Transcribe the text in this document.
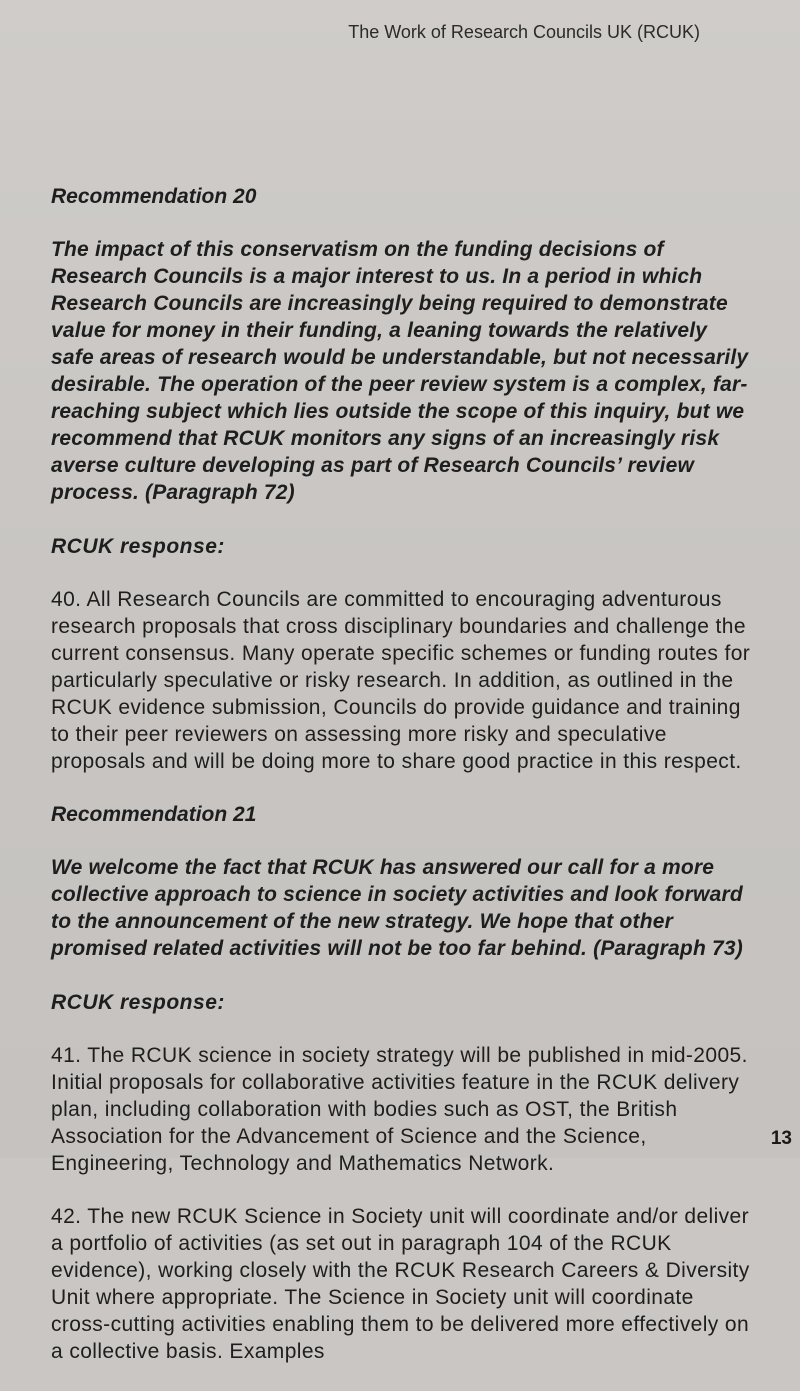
The Work of Research Councils UK (RCUK)
Recommendation 20

The impact of this conservatism on the funding decisions of Research Councils is a major interest to us. In a period in which Research Councils are increasingly being required to demonstrate value for money in their funding, a leaning towards the relatively safe areas of research would be understandable, but not necessarily desirable. The operation of the peer review system is a complex, far-reaching subject which lies outside the scope of this inquiry, but we recommend that RCUK monitors any signs of an increasingly risk averse culture developing as part of Research Councils’ review process. (Paragraph 72)

RCUK response:

40. All Research Councils are committed to encouraging adventurous research proposals that cross disciplinary boundaries and challenge the current consensus. Many operate specific schemes or funding routes for particularly speculative or risky research. In addition, as outlined in the RCUK evidence submission, Councils do provide guidance and training to their peer reviewers on assessing more risky and speculative proposals and will be doing more to share good practice in this respect.

Recommendation 21

We welcome the fact that RCUK has answered our call for a more collective approach to science in society activities and look forward to the announcement of the new strategy. We hope that other promised related activities will not be too far behind. (Paragraph 73)

RCUK response:

41. The RCUK science in society strategy will be published in mid-2005. Initial proposals for collaborative activities feature in the RCUK delivery plan, including collaboration with bodies such as OST, the British Association for the Advancement of Science and the Science, Engineering, Technology and Mathematics Network.

42. The new RCUK Science in Society unit will coordinate and/or deliver a portfolio of activities (as set out in paragraph 104 of the RCUK evidence), working closely with the RCUK Research Careers & Diversity Unit where appropriate. The Science in Society unit will coordinate cross-cutting activities enabling them to be delivered more effectively on a collective basis. Examples

13
